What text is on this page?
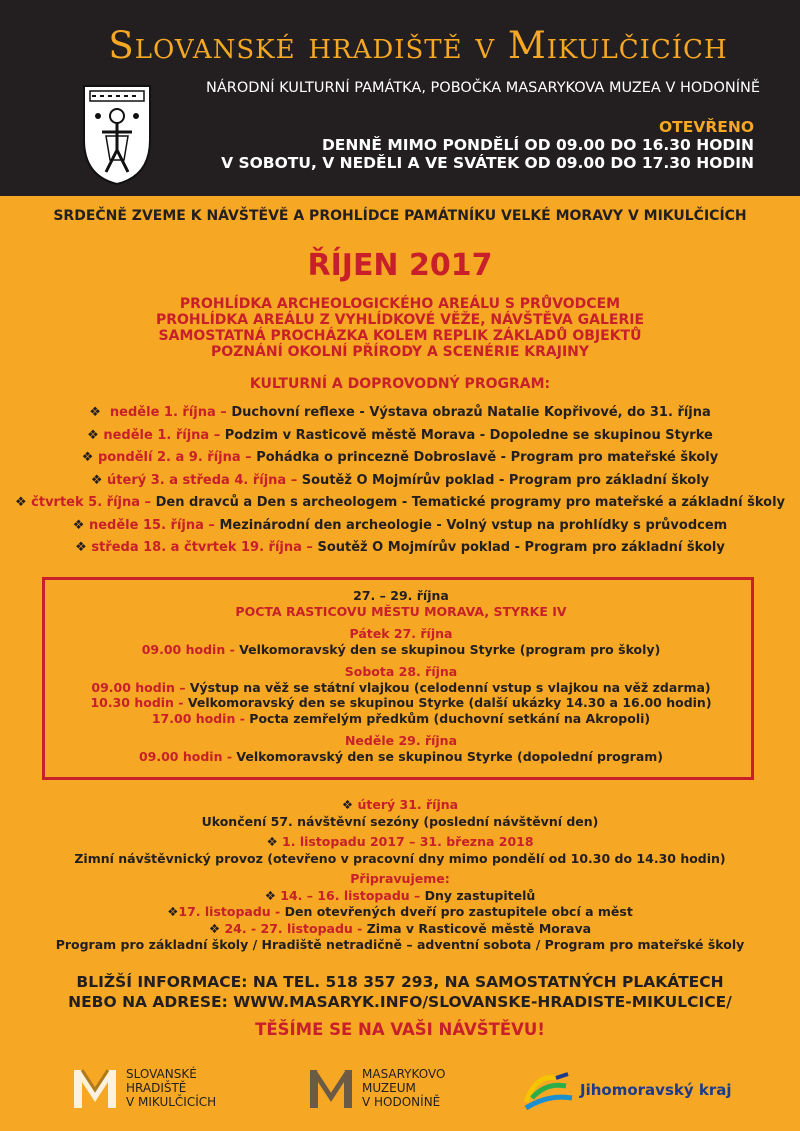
Slovanské hradiště v Mikulčicích
NÁRODNÍ KULTURNÍ PAMÁTKA, POBOČKA MASARYKOVA MUZEA V HODONÍNĚ
OTEVŘENO
DENNĚ MIMO PONDĚLÍ OD 09.00 DO 16.30 HODIN
V SOBOTU, V NEDĚLI A VE SVÁTEK OD 09.00 DO 17.30 HODIN
SRDEČNĚ ZVEME K NÁVŠTĚVĚ A PROHLÍDCE PAMÁTNÍKU VELKÉ MORAVY V MIKULČICÍCH
ŘÍJEN 2017
PROHLÍDKA ARCHEOLOGICKÉHO AREÁLU S PRŮVODCEM
PROHLÍDKA AREÁLU Z VYHLÍDKOVÉ VĚŽE, NÁVŠTĚVA GALERIE
SAMOSTATNÁ PROCHÁZKA KOLEM REPLIK ZÁKLADŮ OBJEKTŮ
POZNÁNÍ OKOLNÍ PŘÍRODY A SCENÉRIE KRAJINY
KULTURNÍ A DOPROVODNÝ PROGRAM:
❖ neděle 1. října – Duchovní reflexe - Výstava obrazů Natalie Kopřivové, do 31. října
❖ neděle 1. října – Podzim v Rasticově městě Morava - Dopoledne se skupinou Styrke
❖ pondělí 2. a 9. října – Pohádka o princezně Dobroslavě - Program pro mateřské školy
❖ úterý 3. a středa 4. října – Soutěž O Mojmírův poklad - Program pro základní školy
❖ čtvrtek 5. října – Den dravců a Den s archeologem - Tematické programy pro mateřské a základní školy
❖ neděle 15. října – Mezinárodní den archeologie - Volný vstup na prohlídky s průvodcem
❖ středa 18. a čtvrtek 19. října – Soutěž O Mojmírův poklad - Program pro základní školy
27. – 29. října
POCTA RASTICOVU MĚSTU MORAVA, STYRKE IV
Pátek 27. října
09.00 hodin - Velkomoravský den se skupinou Styrke (program pro školy)
Sobota 28. října
09.00 hodin – Výstup na věž se státní vlajkou (celodenní vstup s vlajkou na věž zdarma)
10.30 hodin - Velkomoravský den se skupinou Styrke (další ukázky 14.30 a 16.00 hodin)
17.00 hodin - Pocta zemřelým předkům (duchovní setkání na Akropoli)
Neděle 29. října
09.00 hodin - Velkomoravský den se skupinou Styrke (dopolední program)
❖ úterý 31. října
Ukončení 57. návštěvní sezóny (poslední návštěvní den)
❖ 1. listopadu 2017 – 31. března 2018
Zimní návštěvnický provoz (otevřeno v pracovní dny mimo pondělí od 10.30 do 14.30 hodin)
Připravujeme:
❖ 14. – 16. listopadu – Dny zastupitelů
❖17. listopadu - Den otevřených dveří pro zastupitele obcí a měst
❖ 24. - 27. listopadu - Zima v Rasticově městě Morava
Program pro základní školy / Hradiště netradičně – adventní sobota / Program pro mateřské školy
BLIŽŠÍ INFORMACE: NA TEL. 518 357 293, NA SAMOSTATNÝCH PLAKÁTECH
NEBO NA ADRESE: WWW.MASARYK.INFO/SLOVANSKE-HRADISTE-MIKULCICE/
TĚŠÍME SE NA VAŠI NÁVŠTĚVU!
SLOVANSKÉ
HRADIŠTĚ
V MIKULČICÍCH
MASARYKOVO
MUZEUM
V HODONÍNĚ
Jihomoravský kraj
